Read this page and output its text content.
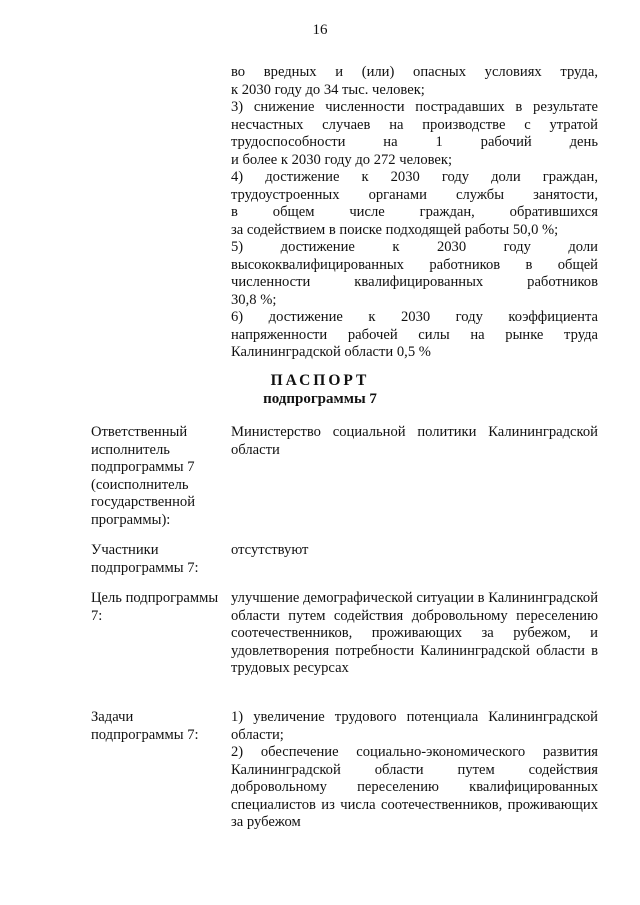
16

во вредных и (или) опасных условиях труда,

к 2030 году до 34 тыс. человек;

3) снижение численности пострадавших в результате

несчастных случаев на производстве с утратой

трудоспособности на 1 рабочий день

и более к 2030 году до 272 человек;

4) достижение к 2030 году доли граждан,

трудоустроенных органами службы занятости,

в общем числе граждан, обратившихся

за содействием в поиске подходящей работы 50,0 %;

5) достижение к 2030 году доли

высококвалифицированных работников в общей

численности квалифицированных работников

30,8 %;

6) достижение к 2030 году коэффициента

напряженности рабочей силы на рынке труда

Калининградской области 0,5 %

ПАСПОРТ
подпрограммы 7
Ответственный исполнитель подпрограммы 7 (соисполнитель государственной программы):

Министерство социальной политики Калининградской области

Участники подпрограммы 7:

отсутствуют

Цель подпрограммы 7:

улучшение демографической ситуации в Калининградской области путем содействия добровольному переселению соотечественников, проживающих за рубежом, и удовлетворения потребности Калининградской области в трудовых ресурсах

Задачи подпрограммы 7:

1) увеличение трудового потенциала Калининградской области;

2) обеспечение социально-экономического развития Калининградской области путем содействия добровольному переселению квалифицированных специалистов из числа соотечественников, проживающих за рубежом
